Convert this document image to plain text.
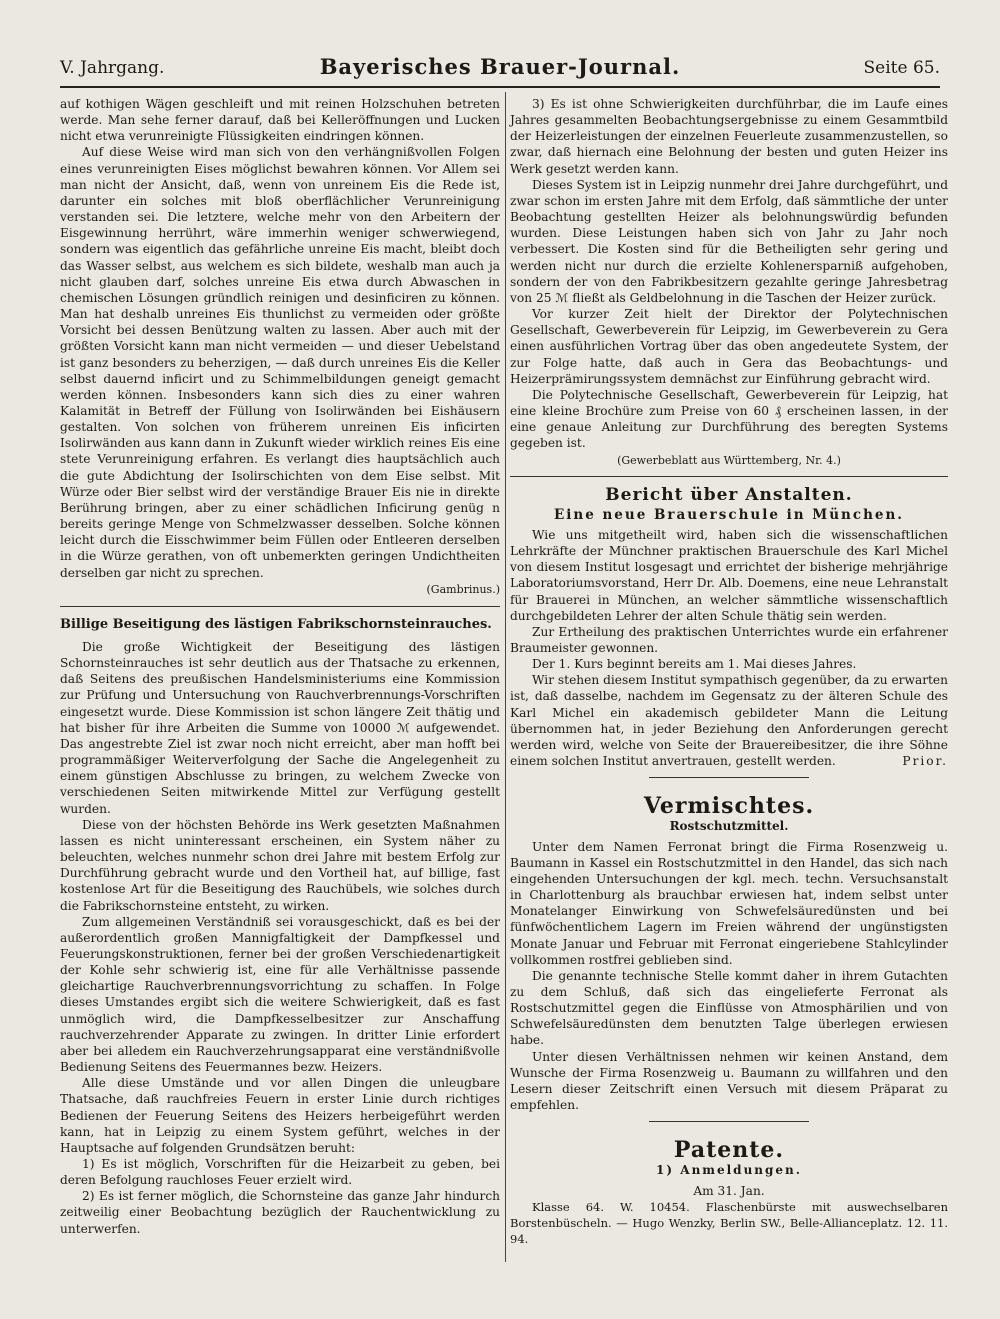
V. Jahrgang.	Bayerisches Brauer-Journal.	Seite 65.

auf kothigen Wägen geschleift und mit reinen Holzschuhen betreten werde. Man sehe ferner darauf, daß bei Kelleröffnungen und Lucken nicht etwa verunreinigte Flüssigkeiten eindringen können.

Auf diese Weise wird man sich von den verhängnißvollen Folgen eines verunreinigten Eises möglichst bewahren können. Vor Allem sei man nicht der Ansicht, daß, wenn von unreinem Eis die Rede ist, darunter ein solches mit bloß oberflächlicher Verunreinigung verstanden sei. Die letztere, welche mehr von den Arbeitern der Eisgewinnung herrührt, wäre immerhin weniger schwerwiegend, sondern was eigentlich das gefährliche unreine Eis macht, bleibt doch das Wasser selbst, aus welchem es sich bildete, weshalb man auch ja nicht glauben darf, solches unreine Eis etwa durch Abwaschen in chemischen Lösungen gründlich reinigen und desinficiren zu können. Man hat deshalb unreines Eis thunlichst zu vermeiden oder größte Vorsicht bei dessen Benützung walten zu lassen. Aber auch mit der größten Vorsicht kann man nicht vermeiden — und dieser Uebelstand ist ganz besonders zu beherzigen, — daß durch unreines Eis die Keller selbst dauernd inficirt und zu Schimmelbildungen geneigt gemacht werden können. Insbesonders kann sich dies zu einer wahren Kalamität in Betreff der Füllung von Isolirwänden bei Eishäusern gestalten. Von solchen von früherem unreinen Eis inficirten Isolirwänden aus kann dann in Zukunft wieder wirklich reines Eis eine stete Verunreinigung erfahren. Es verlangt dies hauptsächlich auch die gute Abdichtung der Isolirschichten von dem Eise selbst. Mit Würze oder Bier selbst wird der verständige Brauer Eis nie in direkte Berührung bringen, aber zu einer schädlichen Inficirung genüg n bereits geringe Menge von Schmelzwasser desselben. Solche können leicht durch die Eisschwimmer beim Füllen oder Entleeren derselben in die Würze gerathen, von oft unbemerkten geringen Undichtheiten derselben gar nicht zu sprechen.

(Gambrinus.)

Billige Beseitigung des lästigen Fabrikschornsteinrauches.

Die große Wichtigkeit der Beseitigung des lästigen Schornsteinrauches ist sehr deutlich aus der Thatsache zu erkennen, daß Seitens des preußischen Handelsministeriums eine Kommission zur Prüfung und Untersuchung von Rauchverbrennungs-Vorschriften eingesetzt wurde. Diese Kommission ist schon längere Zeit thätig und hat bisher für ihre Arbeiten die Summe von 10000 ℳ aufgewendet. Das angestrebte Ziel ist zwar noch nicht erreicht, aber man hofft bei programmäßiger Weiterverfolgung der Sache die Angelegenheit zu einem günstigen Abschlusse zu bringen, zu welchem Zwecke von verschiedenen Seiten mitwirkende Mittel zur Verfügung gestellt wurden.

Diese von der höchsten Behörde ins Werk gesetzten Maßnahmen lassen es nicht uninteressant erscheinen, ein System näher zu beleuchten, welches nunmehr schon drei Jahre mit bestem Erfolg zur Durchführung gebracht wurde und den Vortheil hat, auf billige, fast kostenlose Art für die Beseitigung des Rauchübels, wie solches durch die Fabrikschornsteine entsteht, zu wirken.

Zum allgemeinen Verständniß sei vorausgeschickt, daß es bei der außerordentlich großen Mannigfaltigkeit der Dampfkessel und Feuerungskonstruktionen, ferner bei der großen Verschiedenartigkeit der Kohle sehr schwierig ist, eine für alle Verhältnisse passende gleichartige Rauchverbrennungsvorrichtung zu schaffen. In Folge dieses Umstandes ergibt sich die weitere Schwierigkeit, daß es fast unmöglich wird, die Dampfkesselbesitzer zur Anschaffung rauchverzehrender Apparate zu zwingen. In dritter Linie erfordert aber bei alledem ein Rauchverzehrungsapparat eine verständnißvolle Bedienung Seitens des Feuermannes bezw. Heizers.

Alle diese Umstände und vor allen Dingen die unleugbare Thatsache, daß rauchfreies Feuern in erster Linie durch richtiges Bedienen der Feuerung Seitens des Heizers herbeigeführt werden kann, hat in Leipzig zu einem System geführt, welches in der Hauptsache auf folgenden Grundsätzen beruht:

1) Es ist möglich, Vorschriften für die Heizarbeit zu geben, bei deren Befolgung rauchloses Feuer erzielt wird.

2) Es ist ferner möglich, die Schornsteine das ganze Jahr hindurch zeitweilig einer Beobachtung bezüglich der Rauchentwicklung zu unterwerfen.

3) Es ist ohne Schwierigkeiten durchführbar, die im Laufe eines Jahres gesammelten Beobachtungsergebnisse zu einem Gesammtbild der Heizerleistungen der einzelnen Feuerleute zusammenzustellen, so zwar, daß hiernach eine Belohnung der besten und guten Heizer ins Werk gesetzt werden kann.

Dieses System ist in Leipzig nunmehr drei Jahre durchgeführt, und zwar schon im ersten Jahre mit dem Erfolg, daß sämmtliche der unter Beobachtung gestellten Heizer als belohnungswürdig befunden wurden. Diese Leistungen haben sich von Jahr zu Jahr noch verbessert. Die Kosten sind für die Betheiligten sehr gering und werden nicht nur durch die erzielte Kohlenersparniß aufgehoben, sondern der von den Fabrikbesitzern gezahlte geringe Jahresbetrag von 25 ℳ fließt als Geldbelohnung in die Taschen der Heizer zurück.

Vor kurzer Zeit hielt der Direktor der Polytechnischen Gesellschaft, Gewerbeverein für Leipzig, im Gewerbeverein zu Gera einen ausführlichen Vortrag über das oben angedeutete System, der zur Folge hatte, daß auch in Gera das Beobachtungs- und Heizerprämirungssystem demnächst zur Einführung gebracht wird.

Die Polytechnische Gesellschaft, Gewerbeverein für Leipzig, hat eine kleine Brochüre zum Preise von 60 ₰ erscheinen lassen, in der eine genaue Anleitung zur Durchführung des beregten Systems gegeben ist.

(Gewerbeblatt aus Württemberg, Nr. 4.)

Bericht über Anstalten.

Eine neue Brauerschule in München.

Wie uns mitgetheilt wird, haben sich die wissenschaftlichen Lehrkräfte der Münchner praktischen Brauerschule des Karl Michel von diesem Institut losgesagt und errichtet der bisherige mehrjährige Laboratoriumsvorstand, Herr Dr. Alb. Doemens, eine neue Lehranstalt für Brauerei in München, an welcher sämmtliche wissenschaftlich durchgebildeten Lehrer der alten Schule thätig sein werden.

Zur Ertheilung des praktischen Unterrichtes wurde ein erfahrener Braumeister gewonnen.

Der 1. Kurs beginnt bereits am 1. Mai dieses Jahres.

Wir stehen diesem Institut sympathisch gegenüber, da zu erwarten ist, daß dasselbe, nachdem im Gegensatz zu der älteren Schule des Karl Michel ein akademisch gebildeter Mann die Leitung übernommen hat, in jeder Beziehung den Anforderungen gerecht werden wird, welche von Seite der Brauereibesitzer, die ihre Söhne einem solchen Institut anvertrauen, gestellt werden.	Prior.

Vermischtes.

Rostschutzmittel.

Unter dem Namen Ferronat bringt die Firma Rosenzweig u. Baumann in Kassel ein Rostschutzmittel in den Handel, das sich nach eingehenden Untersuchungen der kgl. mech. techn. Versuchsanstalt in Charlottenburg als brauchbar erwiesen hat, indem selbst unter Monatelanger Einwirkung von Schwefelsäuredünsten und bei fünfwöchentlichem Lagern im Freien während der ungünstigsten Monate Januar und Februar mit Ferronat eingeriebene Stahlcylinder vollkommen rostfrei geblieben sind.

Die genannte technische Stelle kommt daher in ihrem Gutachten zu dem Schluß, daß sich das eingelieferte Ferronat als Rostschutzmittel gegen die Einflüsse von Atmosphärilien und von Schwefelsäuredünsten dem benutzten Talge überlegen erwiesen habe.

Unter diesen Verhältnissen nehmen wir keinen Anstand, dem Wunsche der Firma Rosenzweig u. Baumann zu willfahren und den Lesern dieser Zeitschrift einen Versuch mit diesem Präparat zu empfehlen.

Patente.

1) Anmeldungen.

Am 31. Jan.

Klasse 64. W. 10454. Flaschenbürste mit auswechselbaren Borstenbüscheln. — Hugo Wenzky, Berlin SW., Belle-Allianceplatz. 12. 11. 94.
